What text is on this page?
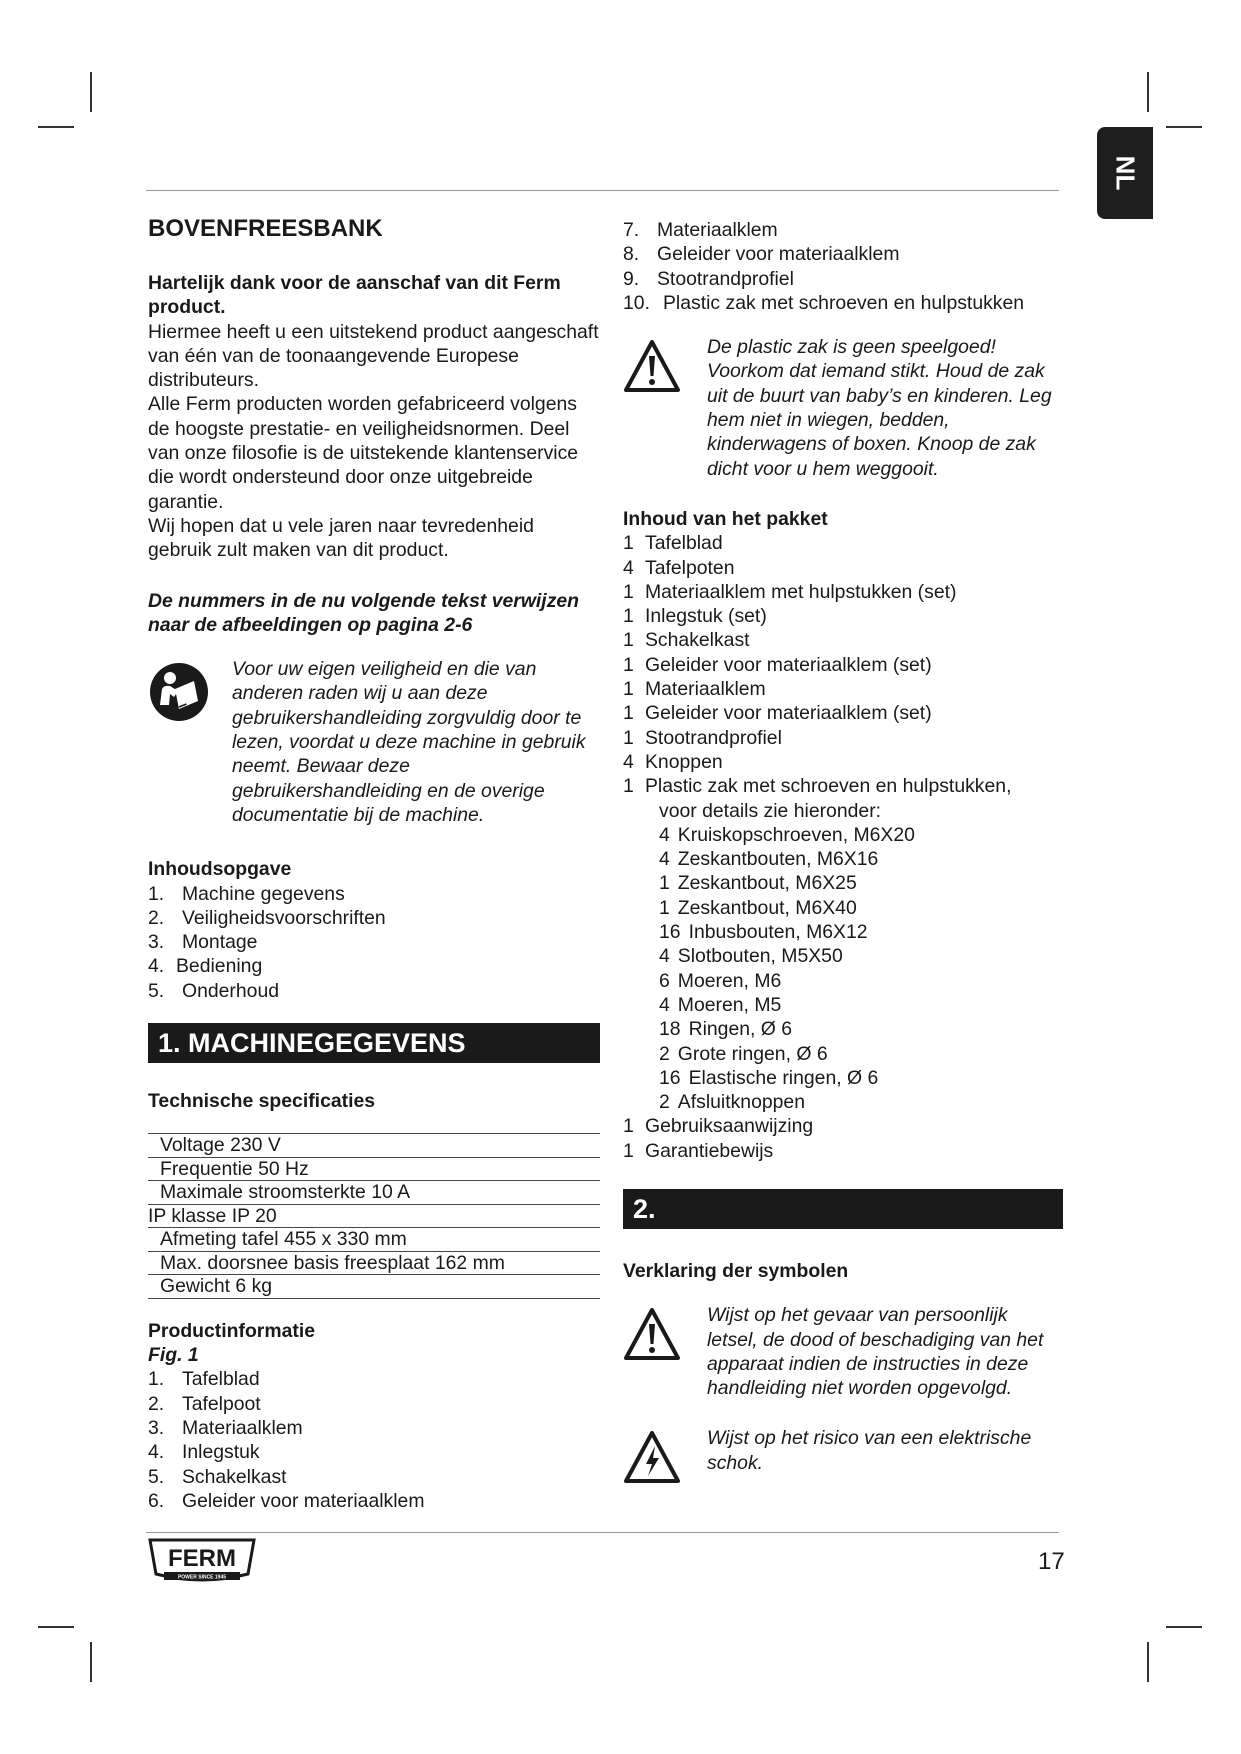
NL
BOVENFREESBANK

Hartelijk dank voor de aanschaf van dit Ferm product.

Hiermee heeft u een uitstekend product aangeschaft van één van de toonaangevende Europese distributeurs.

Alle Ferm producten worden gefabriceerd volgens de hoogste prestatie- en veiligheidsnormen. Deel van onze filosofie is de uitstekende klantenservice die wordt ondersteund door onze uitgebreide garantie.

Wij hopen dat u vele jaren naar tevredenheid gebruik zult maken van dit product.

De nummers in de nu volgende tekst verwijzen naar de afbeeldingen op pagina 2-6

Voor uw eigen veiligheid en die van anderen raden wij u aan deze gebruikershandleiding zorgvuldig door te lezen, voordat u deze machine in gebruik neemt. Bewaar deze gebruikershandleiding en de overige documentatie bij de machine.

Inhoudsopgave

1. Machine gegevens
2. Veiligheidsvoorschriften
3. Montage
4. Bediening
5. Onderhoud
1. MACHINEGEGEVENS

Technische specificaties

Voltage 230 V
Frequentie 50 Hz
Maximale stroomsterkte 10 A
IP klasse IP 20
Afmeting tafel 455 x 330 mm
Max. doorsnee basis freesplaat 162 mm
Gewicht 6 kg

Productinformatie

Fig. 1

1. Tafelblad
2. Tafelpoot
3. Materiaalklem
4. Inlegstuk
5. Schakelkast
6. Geleider voor materiaalklem
7. Materiaalklem
8. Geleider voor materiaalklem
9. Stootrandprofiel
10. Plastic zak met schroeven en hulpstukken
De plastic zak is geen speelgoed! Voorkom dat iemand stikt. Houd de zak uit de buurt van baby’s en kinderen. Leg hem niet in wiegen, bedden, kinderwagens of boxen. Knoop de zak dicht voor u hem weggooit.

Inhoud van het pakket

1 Tafelblad
4 Tafelpoten
1 Materiaalklem met hulpstukken (set)
1 Inlegstuk (set)
1 Schakelkast
1 Geleider voor materiaalklem (set)
1 Materiaalklem
1 Geleider voor materiaalklem (set)
1 Stootrandprofiel
4 Knoppen
1 Plastic zak met schroeven en hulpstukken,
voor details zie hieronder:
4 Kruiskopschroeven, M6X20
4 Zeskantbouten, M6X16
1 Zeskantbout, M6X25
1 Zeskantbout, M6X40
16 Inbusbouten, M6X12
4 Slotbouten, M5X50
6 Moeren, M6
4 Moeren, M5
18 Ringen, Ø 6
2 Grote ringen, Ø 6
16 Elastische ringen, Ø 6
2 Afsluitknoppen
1 Gebruiksaanwijzing
1 Garantiebewijs
2. VEILIGHEIDSVOORSCHRIFTEN

Verklaring der symbolen

Wijst op het gevaar van persoonlijk letsel, de dood of beschadiging van het apparaat indien de instructies in deze handleiding niet worden opgevolgd.
Wijst op het risico van een elektrische schok.
FERM
POWER SINCE 1945
17
